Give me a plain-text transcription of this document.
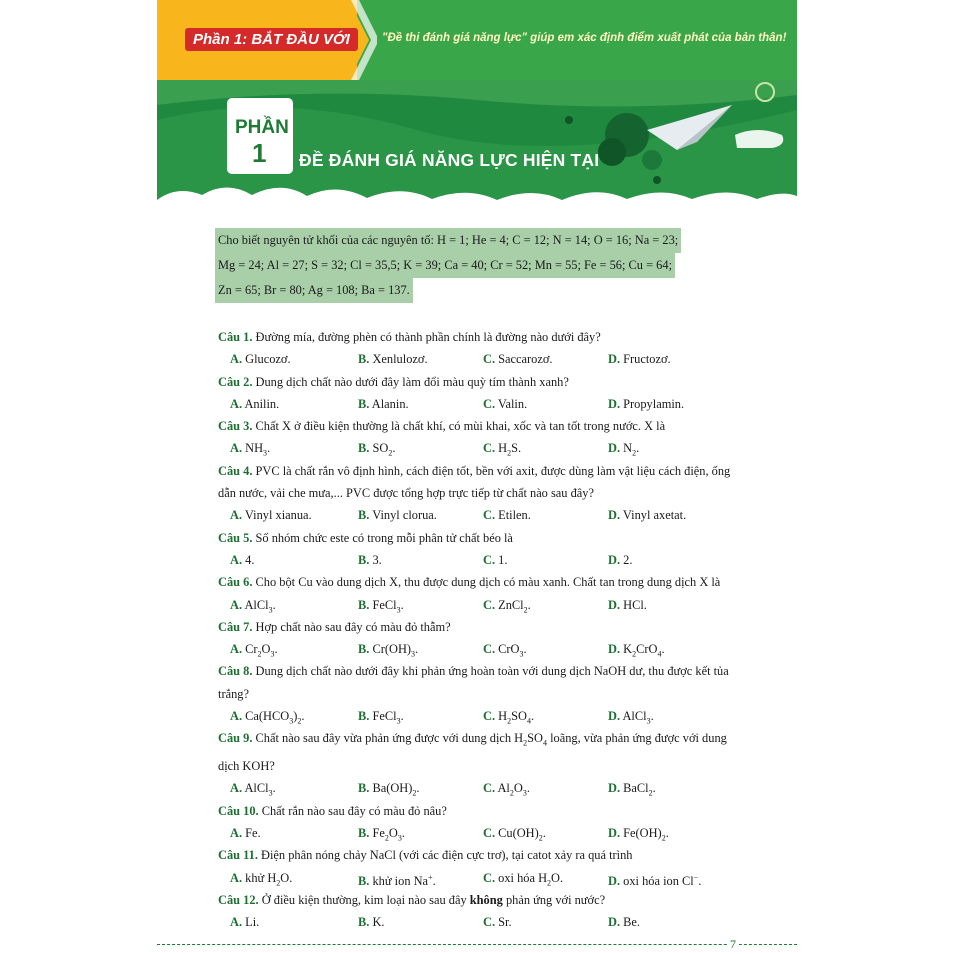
Phần 1: BẮT ĐẦU VỚI	"Đề thi đánh giá năng lực" giúp em xác định điểm xuất phát của bản thân!
PHẦN
1 ĐỀ ĐÁNH GIÁ NĂNG LỰC HIỆN TẠI
Cho biết nguyên tử khối của các nguyên tố: H = 1; He = 4; C = 12; N = 14; O = 16; Na = 23;
Mg = 24; Al = 27; S = 32; Cl = 35,5; K = 39; Ca = 40; Cr = 52; Mn = 55; Fe = 56; Cu = 64;
Zn = 65; Br = 80; Ag = 108; Ba = 137.

Câu 1. Đường mía, đường phèn có thành phần chính là đường nào dưới đây?
A. Glucozơ.	B. Xenlulozơ.	C. Saccarozơ.	D. Fructozơ.
Câu 2. Dung dịch chất nào dưới đây làm đổi màu quỳ tím thành xanh?
A. Anilin.	B. Alanin.	C. Valin.	D. Propylamin.
Câu 3. Chất X ở điều kiện thường là chất khí, có mùi khai, xốc và tan tốt trong nước. X là
A. $NH_3$.	B. $SO_2$.	C. $H_2S$.	D. $N_2$.
Câu 4. PVC là chất rắn vô định hình, cách điện tốt, bền với axit, được dùng làm vật liệu cách điện, ống dẫn nước, vải che mưa,... PVC được tổng hợp trực tiếp từ chất nào sau đây?
A. Vinyl xianua.	B. Vinyl clorua.	C. Etilen.	D. Vinyl axetat.
Câu 5. Số nhóm chức este có trong mỗi phân tử chất béo là
A. 4.	B. 3.	C. 1.	D. 2.
Câu 6. Cho bột Cu vào dung dịch X, thu được dung dịch có màu xanh. Chất tan trong dung dịch X là
A. AlCl$_3$.	B. FeCl$_3$.	C. ZnCl$_2$.	D. HCl.
Câu 7. Hợp chất nào sau đây có màu đỏ thẫm?
A. $Cr_2O_3$.	B. $Cr(OH)_3$.	C. CrO$_3$.	D. $K_2CrO_4$.
Câu 8. Dung dịch chất nào dưới đây khi phản ứng hoàn toàn với dung dịch NaOH dư, thu được kết tủa trắng?
A. $Ca(HCO_3)_2$.	B. FeCl$_3$.	C. $H_2SO_4$.	D. AlCl$_3$.
Câu 9. Chất nào sau đây vừa phản ứng được với dung dịch $H_2SO_4$ loãng, vừa phản ứng được với dung dịch KOH?
A. AlCl$_3$.	B. $Ba(OH)_2$.	C. $Al_2O_3$.	D. BaCl$_2$.
Câu 10. Chất rắn nào sau đây có màu đỏ nâu?
A. Fe.	B. $Fe_2O_3$.	C. $Cu(OH)_2$.	D. $Fe(OH)_2$.
Câu 11. Điện phân nóng chảy NaCl (với các điện cực trơ), tại catot xảy ra quá trình
A. khử $H_2O$.	B. khử ion Na+.	C. oxi hóa $H_2O$.	D. oxi hóa ion Cl−.
Câu 12. Ở điều kiện thường, kim loại nào sau đây không phản ứng với nước?
A. Li.	B. K.	C. Sr.	D. Be.
7
